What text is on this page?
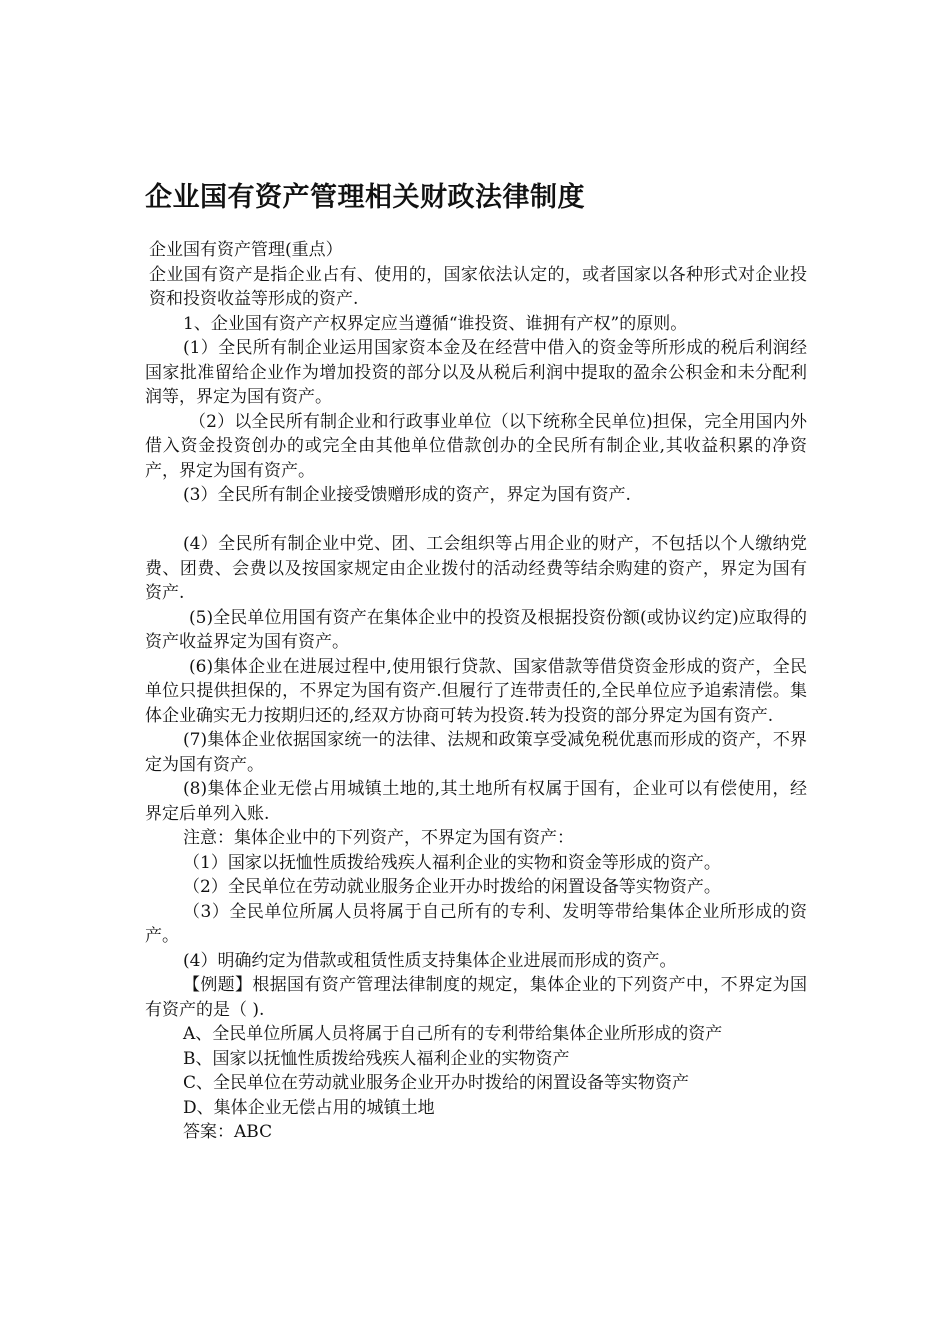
企业国有资产管理相关财政法律制度

企业国有资产管理(重点）

企业国有资产是指企业占有、使用的，国家依法认定的，或者国家以各种形式对企业投资和投资收益等形成的资产.

1、企业国有资产产权界定应当遵循“谁投资、谁拥有产权”的原则。

(1）全民所有制企业运用国家资本金及在经营中借入的资金等所形成的税后利润经国家批准留给企业作为增加投资的部分以及从税后利润中提取的盈余公积金和未分配利润等，界定为国有资产。

（2）以全民所有制企业和行政事业单位（以下统称全民单位)担保，完全用国内外借入资金投资创办的或完全由其他单位借款创办的全民所有制企业,其收益积累的净资产，界定为国有资产。

(3）全民所有制企业接受馈赠形成的资产，界定为国有资产.

(4）全民所有制企业中党、团、工会组织等占用企业的财产，不包括以个人缴纳党费、团费、会费以及按国家规定由企业拨付的活动经费等结余购建的资产，界定为国有资产.

(5)全民单位用国有资产在集体企业中的投资及根据投资份额(或协议约定)应取得的资产收益界定为国有资产。

(6)集体企业在进展过程中,使用银行贷款、国家借款等借贷资金形成的资产，全民单位只提供担保的，不界定为国有资产.但履行了连带责任的,全民单位应予追索清偿。集体企业确实无力按期归还的,经双方协商可转为投资.转为投资的部分界定为国有资产.

(7)集体企业依据国家统一的法律、法规和政策享受减免税优惠而形成的资产，不界定为国有资产。

(8)集体企业无偿占用城镇土地的,其土地所有权属于国有，企业可以有偿使用，经界定后单列入账.

注意：集体企业中的下列资产，不界定为国有资产：

（1）国家以抚恤性质拨给残疾人福利企业的实物和资金等形成的资产。

（2）全民单位在劳动就业服务企业开办时拨给的闲置设备等实物资产。

（3）全民单位所属人员将属于自己所有的专利、发明等带给集体企业所形成的资产。

(4）明确约定为借款或租赁性质支持集体企业进展而形成的资产。

【例题】根据国有资产管理法律制度的规定，集体企业的下列资产中，不界定为国有资产的是（ ).

A、全民单位所属人员将属于自己所有的专利带给集体企业所形成的资产

B、国家以抚恤性质拨给残疾人福利企业的实物资产

C、全民单位在劳动就业服务企业开办时拨给的闲置设备等实物资产

D、集体企业无偿占用的城镇土地

答案：ABC
